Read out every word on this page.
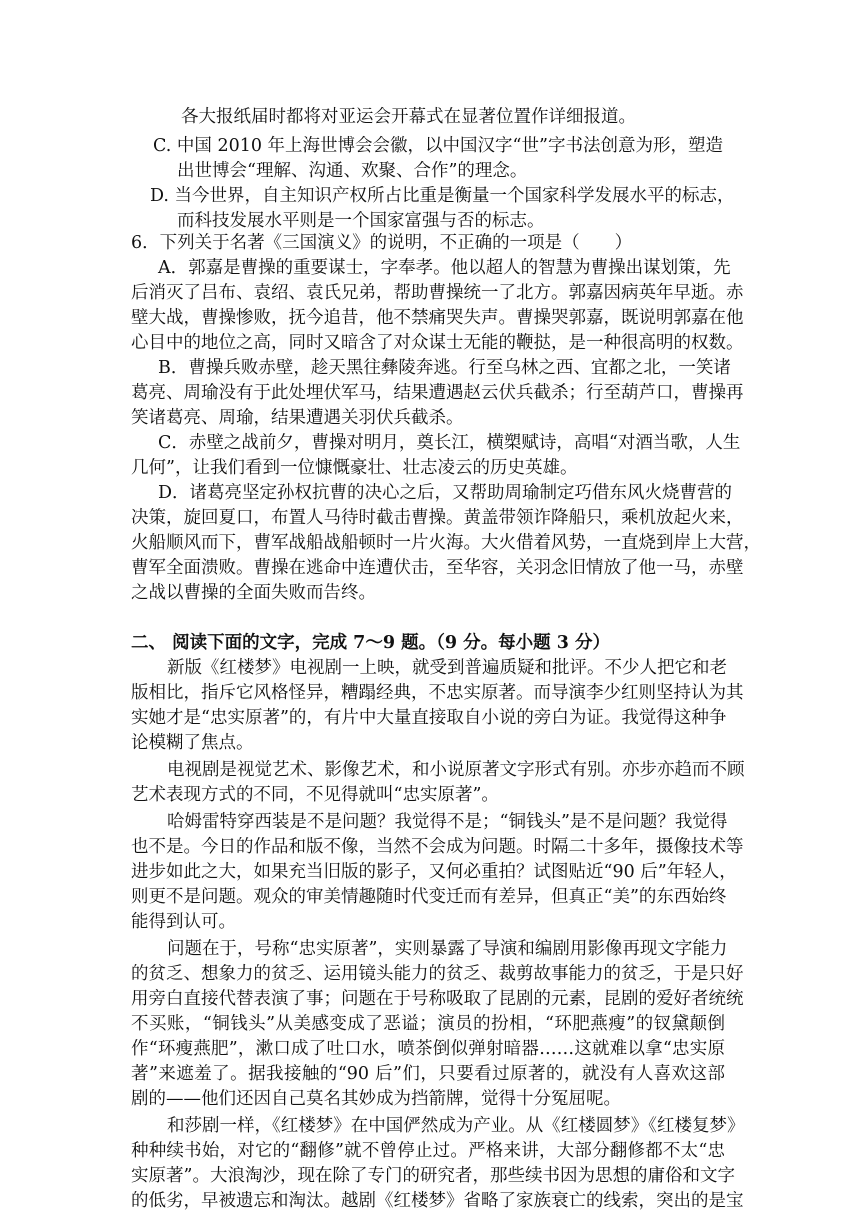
各大报纸届时都将对亚运会开幕式在显著位置作详细报道。

C. 中国 2010 年上海世博会会徽，以中国汉字“世”字书法创意为形，塑造

出世博会“理解、沟通、欢聚、合作”的理念。

D. 当今世界，自主知识产权所占比重是衡量一个国家科学发展水平的标志，

而科技发展水平则是一个国家富强与否的标志。

6．下列关于名著《三国演义》的说明，不正确的一项是（　　）

A．郭嘉是曹操的重要谋士，字奉孝。他以超人的智慧为曹操出谋划策，先

后消灭了吕布、袁绍、袁氏兄弟，帮助曹操统一了北方。郭嘉因病英年早逝。赤

壁大战，曹操惨败，抚今追昔，他不禁痛哭失声。曹操哭郭嘉，既说明郭嘉在他

心目中的地位之高，同时又暗含了对众谋士无能的鞭挞，是一种很高明的权数。

B．曹操兵败赤壁，趁天黑往彝陵奔逃。行至乌林之西、宜都之北，一笑诸

葛亮、周瑜没有于此处埋伏军马，结果遭遇赵云伏兵截杀；行至葫芦口，曹操再

笑诸葛亮、周瑜，结果遭遇关羽伏兵截杀。

C．赤壁之战前夕，曹操对明月，奠长江，横槊赋诗，高唱“对酒当歌，人生

几何”，让我们看到一位慷慨豪壮、壮志凌云的历史英雄。

D．诸葛亮坚定孙权抗曹的决心之后，又帮助周瑜制定巧借东风火烧曹营的

决策，旋回夏口，布置人马待时截击曹操。黄盖带领诈降船只，乘机放起火来，

火船顺风而下，曹军战船战船顿时一片火海。大火借着风势，一直烧到岸上大营，

曹军全面溃败。曹操在逃命中连遭伏击，至华容，关羽念旧情放了他一马，赤壁

之战以曹操的全面失败而告终。

二、 阅读下面的文字，完成 7～9 题。（9 分。每小题 3 分）

新版《红楼梦》电视剧一上映，就受到普遍质疑和批评。不少人把它和老

版相比，指斥它风格怪异，糟蹋经典，不忠实原著。而导演李少红则坚持认为其

实她才是“忠实原著”的，有片中大量直接取自小说的旁白为证。我觉得这种争

论模糊了焦点。

电视剧是视觉艺术、影像艺术，和小说原著文字形式有别。亦步亦趋而不顾

艺术表现方式的不同，不见得就叫“忠实原著”。

哈姆雷特穿西装是不是问题？我觉得不是；“铜钱头”是不是问题？我觉得

也不是。今日的作品和版不像，当然不会成为问题。时隔二十多年，摄像技术等

进步如此之大，如果充当旧版的影子，又何必重拍？试图贴近“90 后”年轻人，

则更不是问题。观众的审美情趣随时代变迁而有差异，但真正“美”的东西始终

能得到认可。

问题在于，号称“忠实原著”，实则暴露了导演和编剧用影像再现文字能力

的贫乏、想象力的贫乏、运用镜头能力的贫乏、裁剪故事能力的贫乏，于是只好

用旁白直接代替表演了事；问题在于号称吸取了昆剧的元素，昆剧的爱好者统统

不买账，“铜钱头”从美感变成了恶谥；演员的扮相，“环肥燕瘦”的钗黛颠倒

作“环瘦燕肥”，漱口成了吐口水，喷茶倒似弹射暗器……这就难以拿“忠实原

著”来遮羞了。据我接触的“90 后”们，只要看过原著的，就没有人喜欢这部

剧的——他们还因自己莫名其妙成为挡箭牌，觉得十分冤屈呢。

和莎剧一样，《红楼梦》在中国俨然成为产业。从《红楼圆梦》《红楼复梦》

种种续书始，对它的“翻修”就不曾停止过。严格来讲，大部分翻修都不太“忠

实原著”。大浪淘沙，现在除了专门的研究者，那些续书因为思想的庸俗和文字

的低劣，早被遗忘和淘汰。越剧《红楼梦》省略了家族衰亡的线索，突出的是宝
